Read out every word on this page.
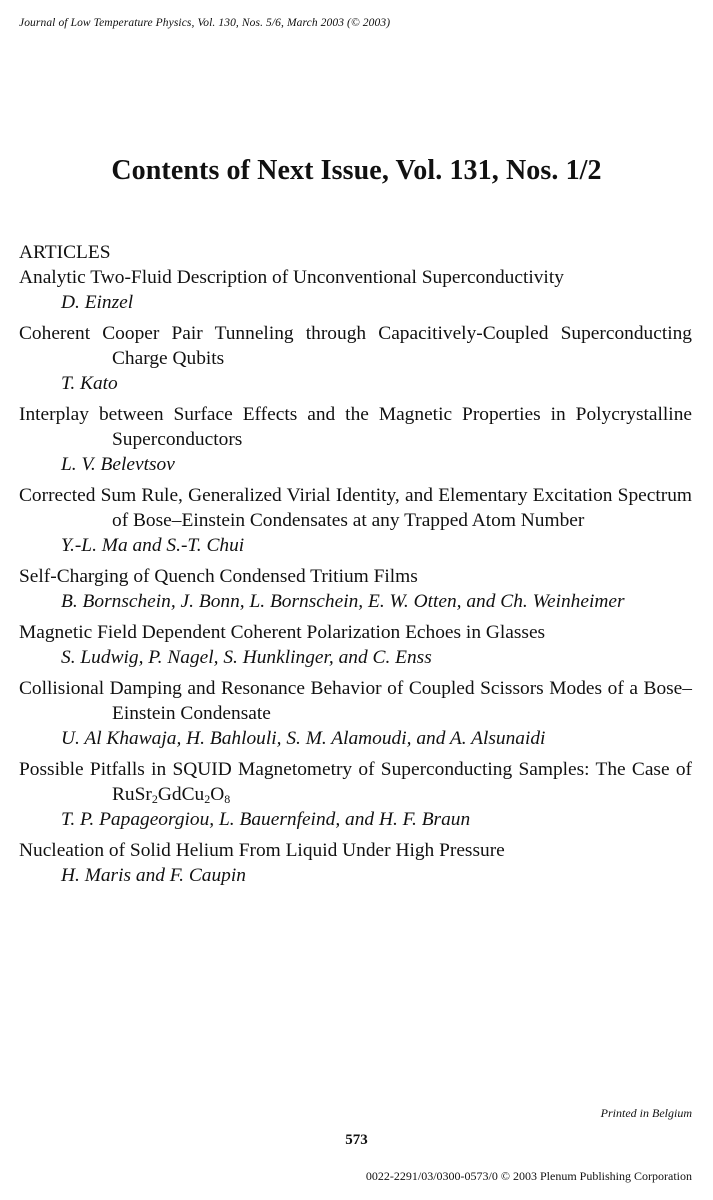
Journal of Low Temperature Physics, Vol. 130, Nos. 5/6, March 2003 (© 2003)
Contents of Next Issue, Vol. 131, Nos. 1/2
ARTICLES
Analytic Two-Fluid Description of Unconventional Superconductivity
D. Einzel
Coherent Cooper Pair Tunneling through Capacitively-Coupled Superconducting Charge Qubits
T. Kato
Interplay between Surface Effects and the Magnetic Properties in Polycrystalline Superconductors
L. V. Belevtsov
Corrected Sum Rule, Generalized Virial Identity, and Elementary Excitation Spectrum of Bose–Einstein Condensates at any Trapped Atom Number
Y.-L. Ma and S.-T. Chui
Self-Charging of Quench Condensed Tritium Films
B. Bornschein, J. Bonn, L. Bornschein, E. W. Otten, and Ch. Weinheimer
Magnetic Field Dependent Coherent Polarization Echoes in Glasses
S. Ludwig, P. Nagel, S. Hunklinger, and C. Enss
Collisional Damping and Resonance Behavior of Coupled Scissors Modes of a Bose–Einstein Condensate
U. Al Khawaja, H. Bahlouli, S. M. Alamoudi, and A. Alsunaidi
Possible Pitfalls in SQUID Magnetometry of Superconducting Samples: The Case of $RuSr_2GdCu_2O_8$
T. P. Papageorgiou, L. Bauernfeind, and H. F. Braun
Nucleation of Solid Helium From Liquid Under High Pressure
H. Maris and F. Caupin
Printed in Belgium
573
0022-2291/03/0300-0573/0 © 2003 Plenum Publishing Corporation
